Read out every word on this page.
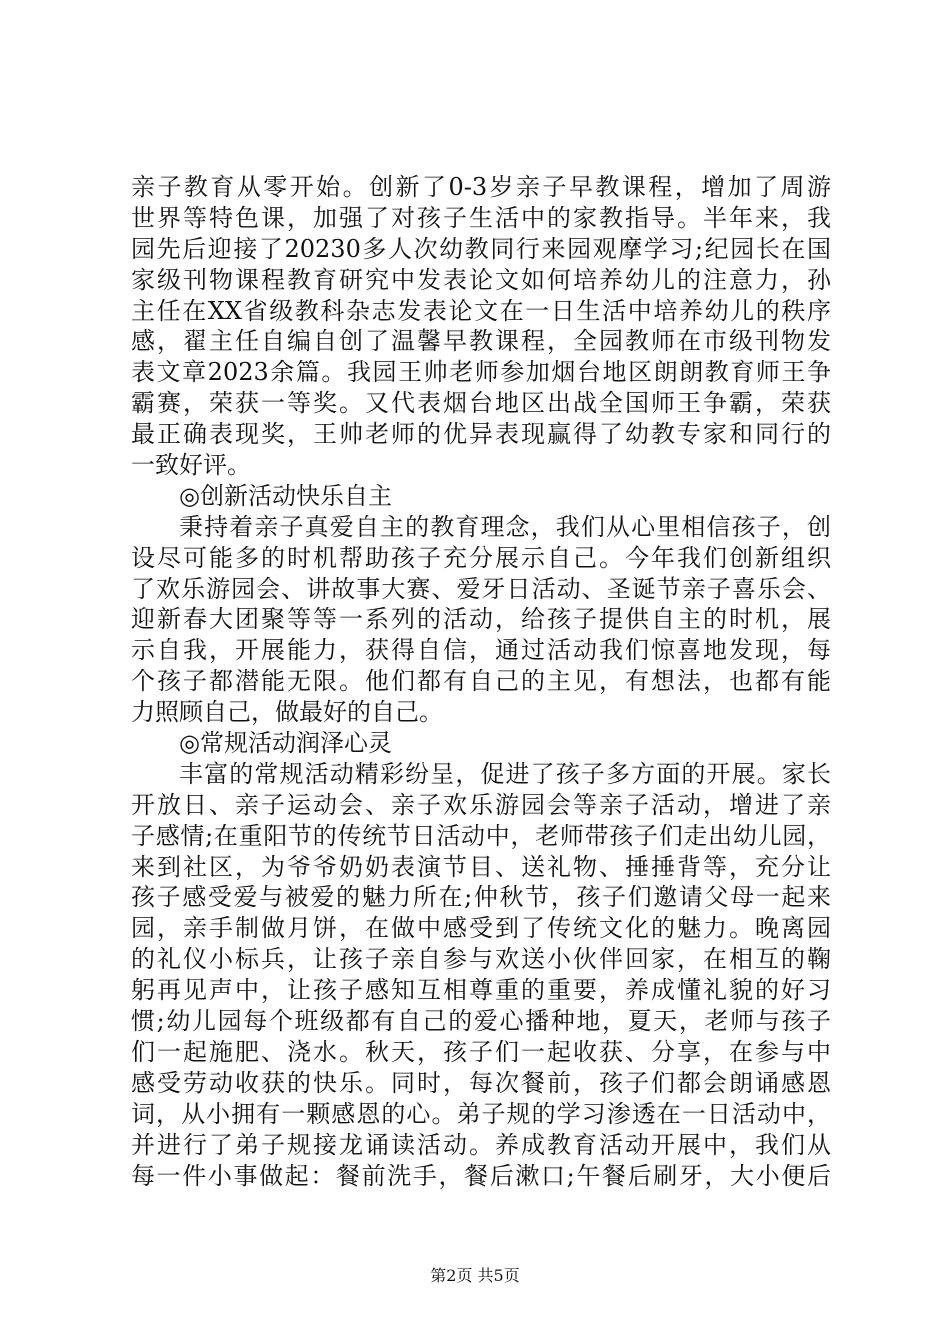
亲子教育从零开始。创新了0-3岁亲子早教课程，增加了周游
世界等特色课，加强了对孩子生活中的家教指导。半年来，我
园先后迎接了20230多人次幼教同行来园观摩学习;纪园长在国
家级刊物课程教育研究中发表论文如何培养幼儿的注意力，孙
主任在XX省级教科杂志发表论文在一日生活中培养幼儿的秩序
感，翟主任自编自创了温馨早教课程，全园教师在市级刊物发
表文章2023余篇。我园王帅老师参加烟台地区朗朗教育师王争
霸赛，荣获一等奖。又代表烟台地区出战全国师王争霸，荣获
最正确表现奖，王帅老师的优异表现赢得了幼教专家和同行的
一致好评。
◎创新活动快乐自主
秉持着亲子真爱自主的教育理念，我们从心里相信孩子，创
设尽可能多的时机帮助孩子充分展示自己。今年我们创新组织
了欢乐游园会、讲故事大赛、爱牙日活动、圣诞节亲子喜乐会、
迎新春大团聚等等一系列的活动，给孩子提供自主的时机，展
示自我，开展能力，获得自信，通过活动我们惊喜地发现，每
个孩子都潜能无限。他们都有自己的主见，有想法，也都有能
力照顾自己，做最好的自己。
◎常规活动润泽心灵
丰富的常规活动精彩纷呈，促进了孩子多方面的开展。家长
开放日、亲子运动会、亲子欢乐游园会等亲子活动，增进了亲
子感情;在重阳节的传统节日活动中，老师带孩子们走出幼儿园，
来到社区，为爷爷奶奶表演节目、送礼物、捶捶背等，充分让
孩子感受爱与被爱的魅力所在;仲秋节，孩子们邀请父母一起来
园，亲手制做月饼，在做中感受到了传统文化的魅力。晚离园
的礼仪小标兵，让孩子亲自参与欢送小伙伴回家，在相互的鞠
躬再见声中，让孩子感知互相尊重的重要，养成懂礼貌的好习
惯;幼儿园每个班级都有自己的爱心播种地，夏天，老师与孩子
们一起施肥、浇水。秋天，孩子们一起收获、分享，在参与中
感受劳动收获的快乐。同时，每次餐前，孩子们都会朗诵感恩
词，从小拥有一颗感恩的心。弟子规的学习渗透在一日活动中，
并进行了弟子规接龙诵读活动。养成教育活动开展中，我们从
每一件小事做起：餐前洗手，餐后漱口;午餐后刷牙，大小便后
第2页 共5页
